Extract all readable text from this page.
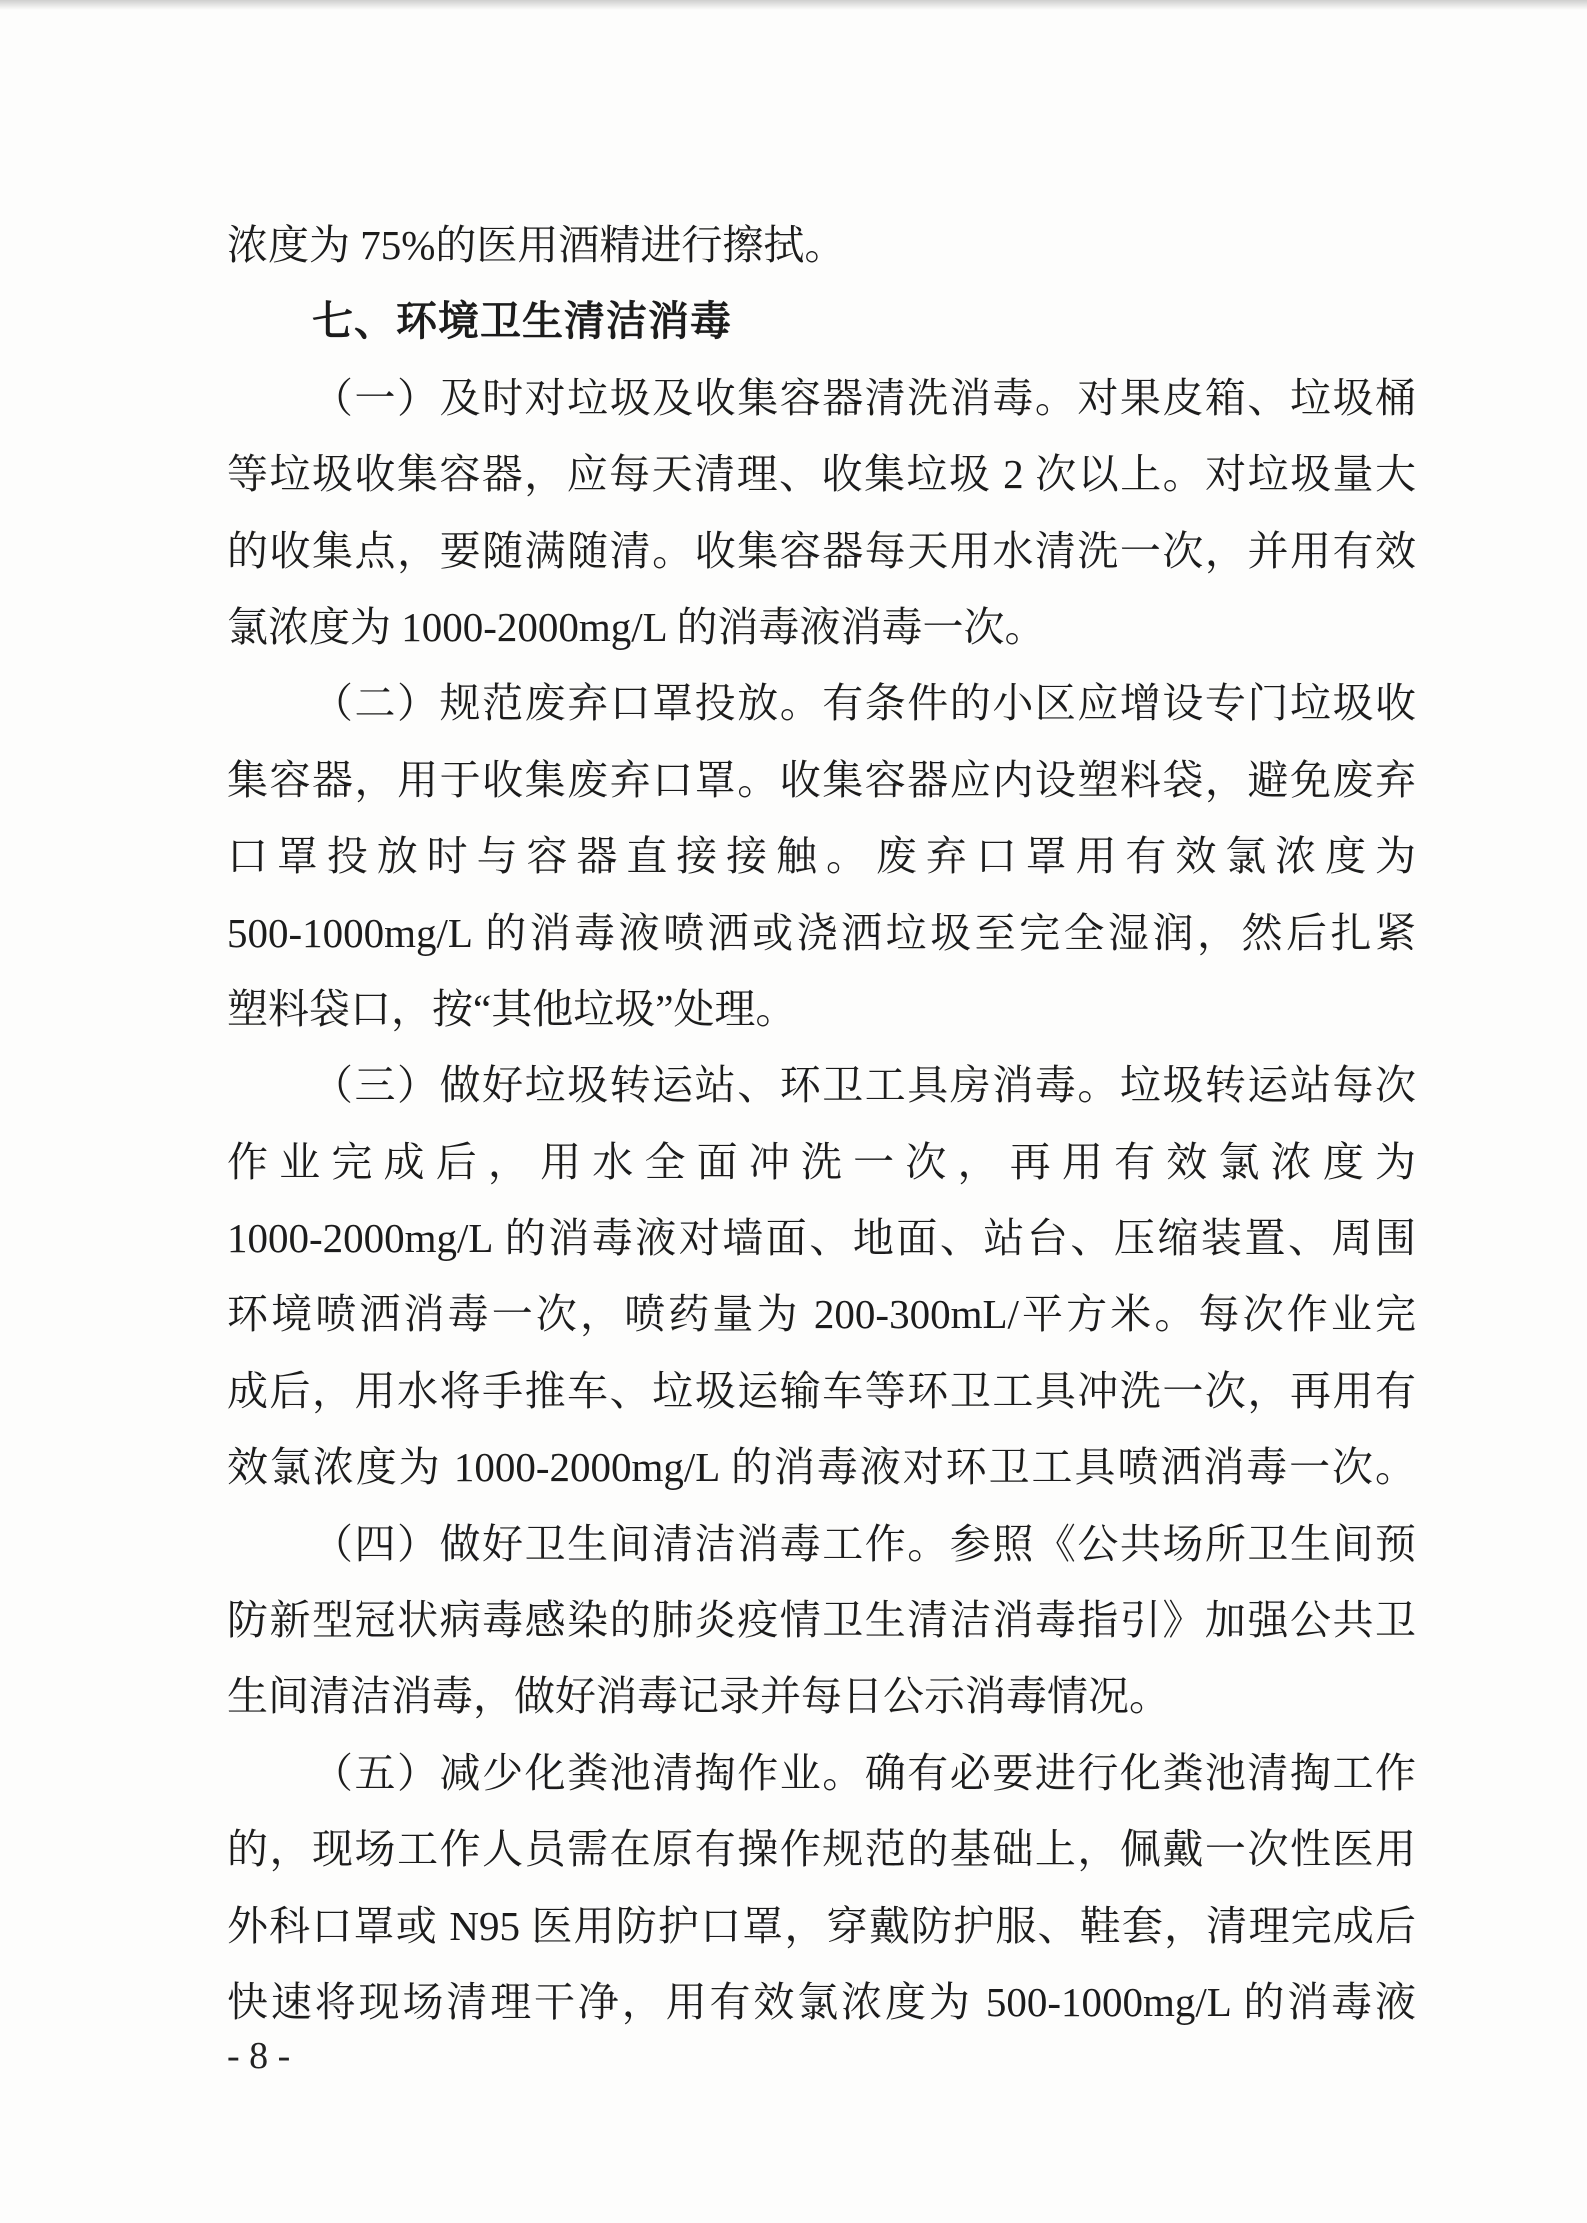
浓度为 75%的医用酒精进行擦拭。
七、环境卫生清洁消毒
（一）及时对垃圾及收集容器清洗消毒。对果皮箱、垃圾桶
等垃圾收集容器，应每天清理、收集垃圾 2 次以上。对垃圾量大
的收集点，要随满随清。收集容器每天用水清洗一次，并用有效
氯浓度为 1000-2000mg/L 的消毒液消毒一次。
（二）规范废弃口罩投放。有条件的小区应增设专门垃圾收
集容器，用于收集废弃口罩。收集容器应内设塑料袋，避免废弃
口罩投放时与容器直接接触。废弃口罩用有效氯浓度为
500-1000mg/L 的消毒液喷洒或浇洒垃圾至完全湿润，然后扎紧
塑料袋口，按“其他垃圾”处理。
（三）做好垃圾转运站、环卫工具房消毒。垃圾转运站每次
作业完成后，用水全面冲洗一次，再用有效氯浓度为
1000-2000mg/L 的消毒液对墙面、地面、站台、压缩装置、周围
环境喷洒消毒一次，喷药量为 200-300mL/平方米。每次作业完
成后，用水将手推车、垃圾运输车等环卫工具冲洗一次，再用有
效氯浓度为 1000-2000mg/L 的消毒液对环卫工具喷洒消毒一次。
（四）做好卫生间清洁消毒工作。参照《公共场所卫生间预
防新型冠状病毒感染的肺炎疫情卫生清洁消毒指引》加强公共卫
生间清洁消毒，做好消毒记录并每日公示消毒情况。
（五）减少化粪池清掏作业。确有必要进行化粪池清掏工作
的，现场工作人员需在原有操作规范的基础上，佩戴一次性医用
外科口罩或 N95 医用防护口罩，穿戴防护服、鞋套，清理完成后
快速将现场清理干净，用有效氯浓度为 500-1000mg/L 的消毒液
- 8 -
